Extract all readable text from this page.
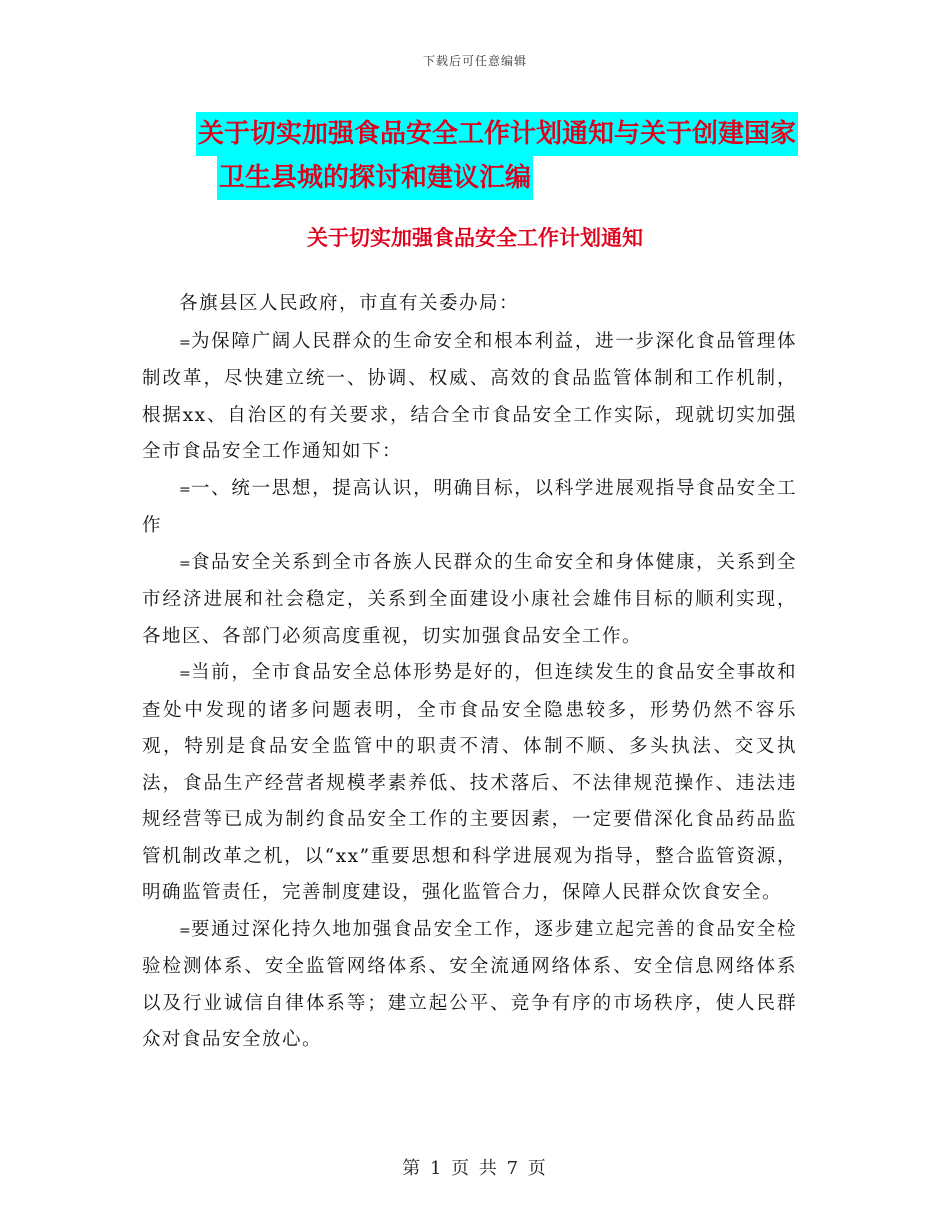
下载后可任意编辑
关于切实加强食品安全工作计划通知与关于创建国家
卫生县城的探讨和建议汇编
关于切实加强食品安全工作计划通知

各旗县区人民政府，市直有关委办局：

=为保障广阔人民群众的生命安全和根本利益，进一步深化食品管理体制改革，尽快建立统一、协调、权威、高效的食品监管体制和工作机制，根据xx、自治区的有关要求，结合全市食品安全工作实际，现就切实加强全市食品安全工作通知如下：

=一、统一思想，提高认识，明确目标，以科学进展观指导食品安全工作

=食品安全关系到全市各族人民群众的生命安全和身体健康，关系到全市经济进展和社会稳定，关系到全面建设小康社会雄伟目标的顺利实现，各地区、各部门必须高度重视，切实加强食品安全工作。

=当前，全市食品安全总体形势是好的，但连续发生的食品安全事故和查处中发现的诸多问题表明，全市食品安全隐患较多，形势仍然不容乐观，特别是食品安全监管中的职责不清、体制不顺、多头执法、交叉执法，食品生产经营者规模孝素养低、技术落后、不法律规范操作、违法违规经营等已成为制约食品安全工作的主要因素，一定要借深化食品药品监管机制改革之机，以“xx”重要思想和科学进展观为指导，整合监管资源，明确监管责任，完善制度建设，强化监管合力，保障人民群众饮食安全。

=要通过深化持久地加强食品安全工作，逐步建立起完善的食品安全检验检测体系、安全监管网络体系、安全流通网络体系、安全信息网络体系以及行业诚信自律体系等；建立起公平、竞争有序的市场秩序，使人民群众对食品安全放心。

第 1 页 共 7 页
